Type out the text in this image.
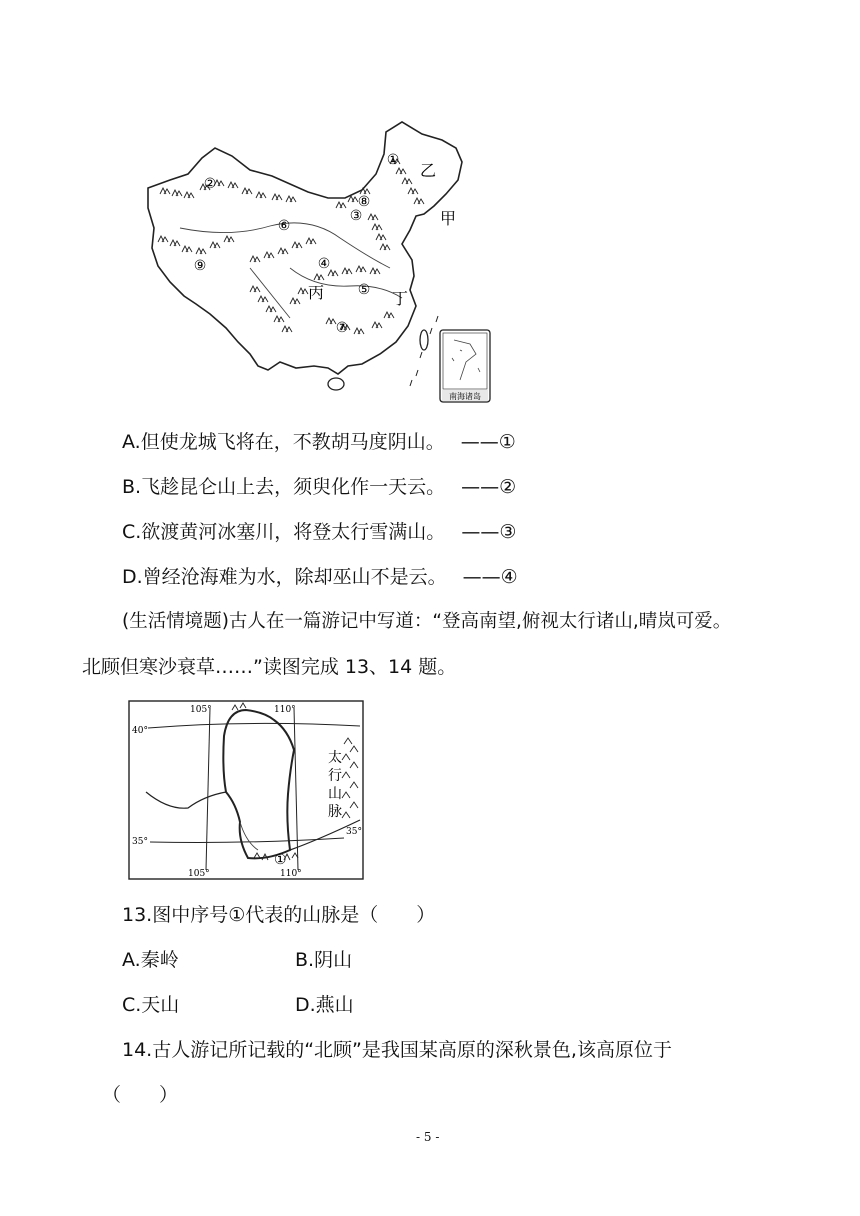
①
②
③
④
⑤
⑥
⑦
⑧
⑨
乙
甲
丙	丁
南海诸岛
A.但使龙城飞将在，不教胡马度阴山。 ——①
B.飞趁昆仑山上去，须臾化作一天云。 ——②
C.欲渡黄河冰塞川，将登太行雪满山。 ——③
D.曾经沧海难为水，除却巫山不是云。 ——④
(生活情境题)古人在一篇游记中写道：“登高南望,俯视太行诸山,晴岚可爱。
北顾但寒沙衰草……”读图完成 13、14 题。
105°	110°
40°
35°
35°
105°	110°
太
行
山
脉
①
13.图中序号①代表的山脉是（　　）
A.秦岭	B.阴山
C.天山	D.燕山
14.古人游记所记载的“北顾”是我国某高原的深秋景色,该高原位于
（　　）
- 5 -
